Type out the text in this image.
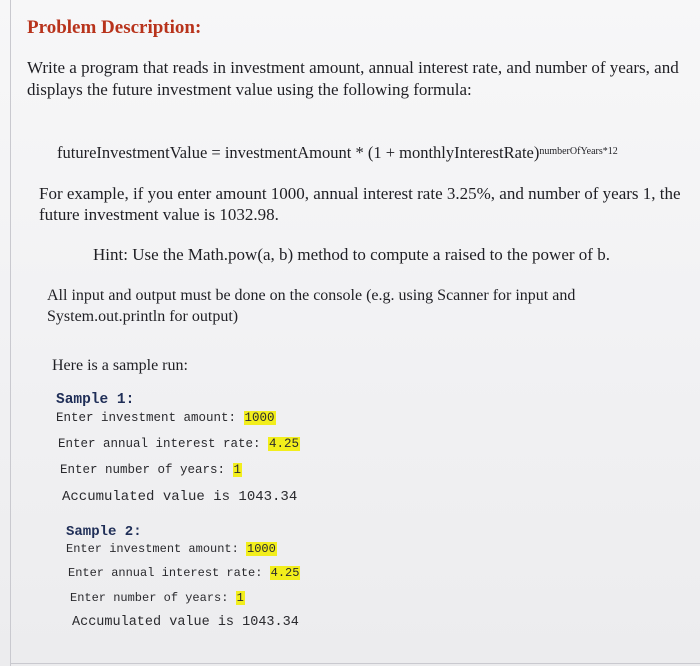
Problem Description:
Write a program that reads in investment amount, annual interest rate, and number of years, and
displays the future investment value using the following formula:
futureInvestmentValue = investmentAmount * (1 + monthlyInterestRate)$^{numberOfYears*12}$
For example, if you enter amount 1000, annual interest rate 3.25%, and number of years 1, the
future investment value is 1032.98.
Hint: Use the Math.pow(a, b) method to compute a raised to the power of b.
All input and output must be done on the console (e.g. using Scanner for input and
System.out.println for output)
Here is a sample run:
Sample 1:
Enter investment amount: 1000
Enter annual interest rate: 4.25
Enter number of years: 1
Accumulated value is 1043.34
Sample 2:
Enter investment amount: 1000
Enter annual interest rate: 4.25
Enter number of years: 1
Accumulated value is 1043.34
